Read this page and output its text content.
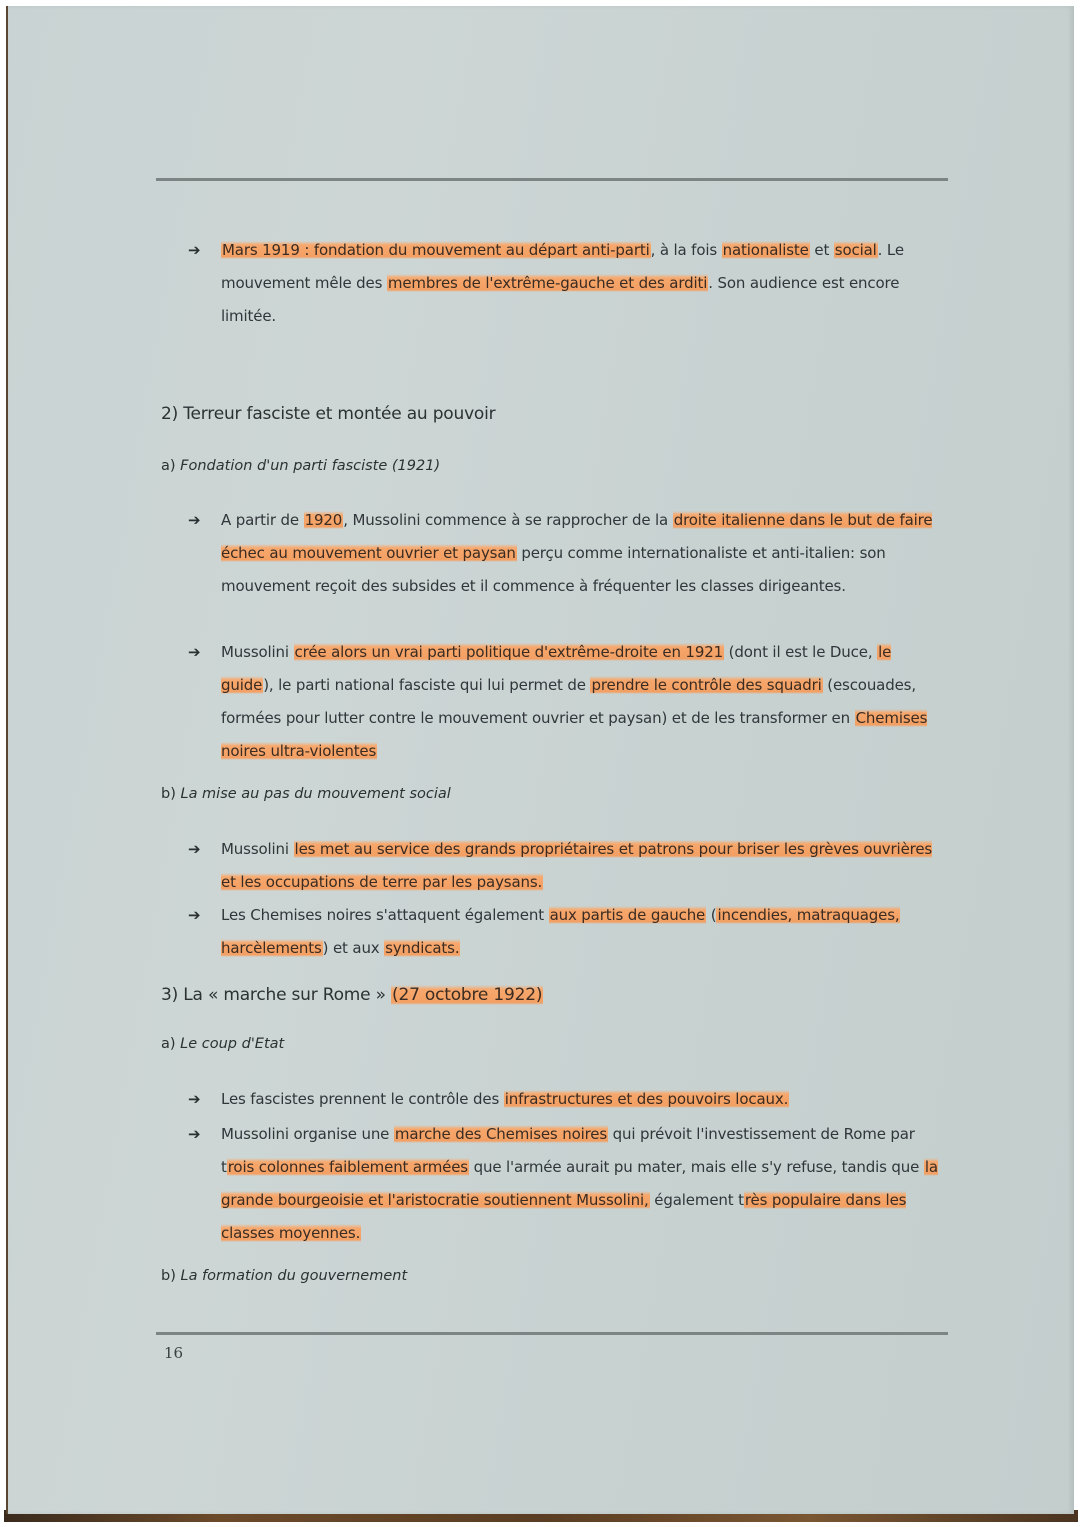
➔	Mars 1919 : fondation du mouvement au départ anti-parti, à la fois nationaliste et social. Le mouvement mêle des membres de l'extrême-gauche et des arditi. Son audience est encore limitée.
2) Terreur fasciste et montée au pouvoir
a) Fondation d'un parti fasciste (1921)
➔	A partir de 1920, Mussolini commence à se rapprocher de la droite italienne dans le but de faire échec au mouvement ouvrier et paysan perçu comme internationaliste et anti-italien: son mouvement reçoit des subsides et il commence à fréquenter les classes dirigeantes.
➔	Mussolini crée alors un vrai parti politique d'extrême-droite en 1921 (dont il est le Duce, le guide), le parti national fasciste qui lui permet de prendre le contrôle des squadri (escouades, formées pour lutter contre le mouvement ouvrier et paysan) et de les transformer en Chemises noires ultra-violentes
b) La mise au pas du mouvement social
➔	Mussolini les met au service des grands propriétaires et patrons pour briser les grèves ouvrières et les occupations de terre par les paysans.
➔	Les Chemises noires s'attaquent également aux partis de gauche (incendies, matraquages, harcèlements) et aux syndicats.
3) La « marche sur Rome » (27 octobre 1922)
a) Le coup d'Etat
➔	Les fascistes prennent le contrôle des infrastructures et des pouvoirs locaux.
➔	Mussolini organise une marche des Chemises noires qui prévoit l'investissement de Rome par trois colonnes faiblement armées que l'armée aurait pu mater, mais elle s'y refuse, tandis que la grande bourgeoisie et l'aristocratie soutiennent Mussolini, également très populaire dans les classes moyennes.
b) La formation du gouvernement
16
